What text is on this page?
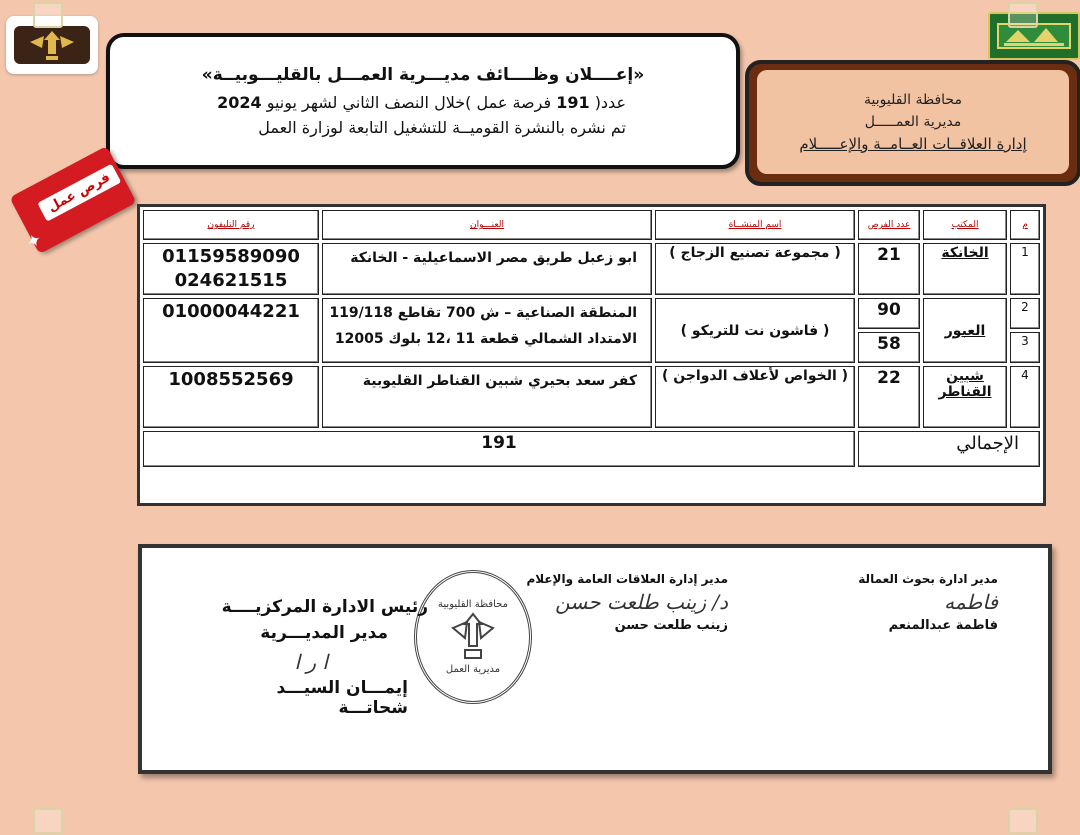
«إعــــلان وظــــائف مديـــرية العمـــل بالقليـــوبيــة»
عدد( 191 فرصة عمل )خلال النصف الثاني لشهر يونيو 2024
تم نشره بالنشرة القوميــة للتشغيل التابعة لوزارة العمل
محافظة القليوبية
مديرية العمـــــل
إدارة العلاقــات العــامــة والإعـــــلام
فرص عمل
✦
م	المكتب	عدد الفرص	اسم المنشــاة	العنـــوان	رقم التليفون
1	الخانكة	21	( مجموعة تصنيع الزجاج )	ابو زعبل طريق مصر الاسماعيلية - الخانكة	01159589090
024621515

2	العبور	90	( فاشون نت للتريكو )	المنطقة الصناعية – ش 700 تقاطع 119/118
الامتداد الشمالي قطعة 11 ،12 بلوك 12005	01000044221
3		58			
4	شبين القناطر	22	( الخواص لأعلاف الدواجن )	كفر سعد بحيري شبين القناطر القليوبية	1008552569
الإجمالي			191		
مدير ادارة بحوث العمالة
فاطمه
فاطمة عبدالمنعم
مدير إدارة العلاقات العامة والإعلام
د/ زينب طلعت حسن
زينب طلعت حسن
محافظة القليوبية
مديرية العمل
رئيس الادارة المركزيــــة
مدير المديـــرية
ا ر ا
إيمـــان السيـــد شحاتـــة
